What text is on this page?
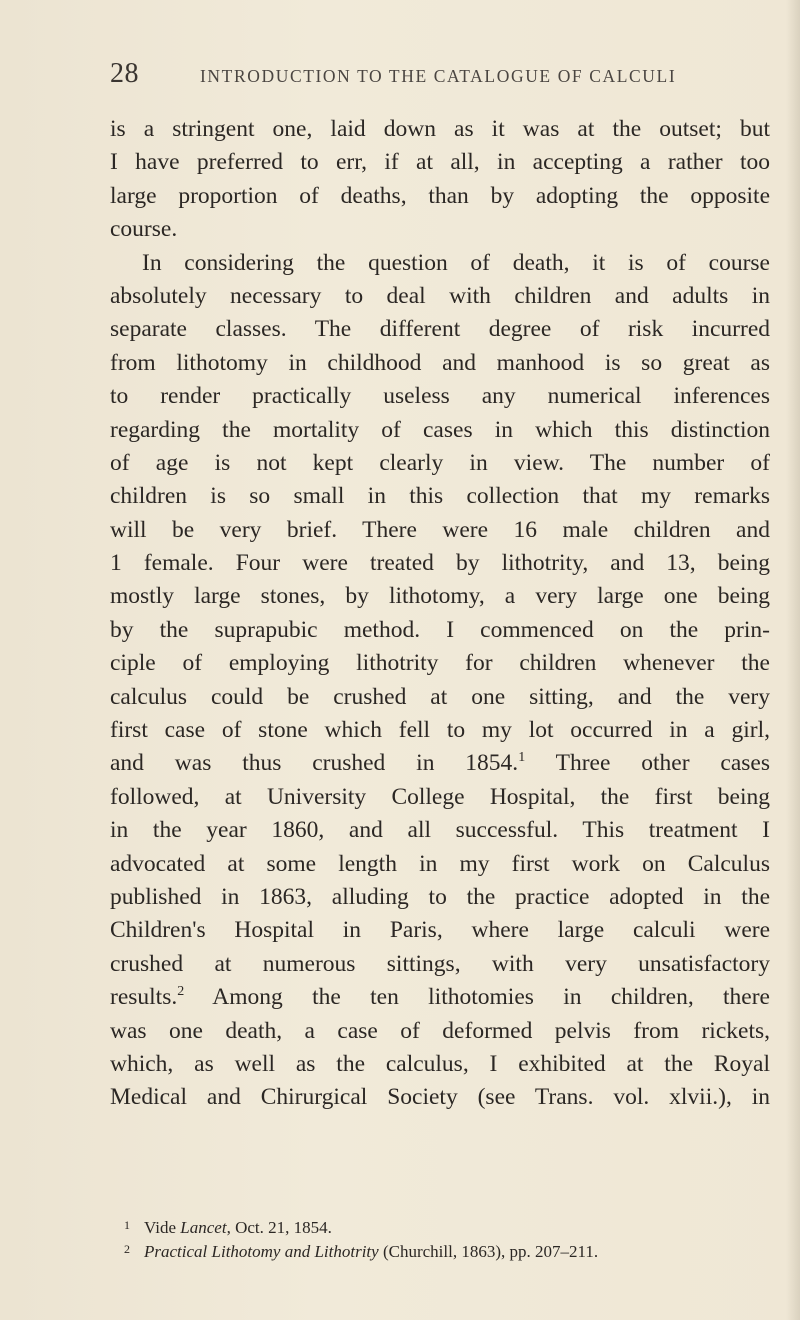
28	INTRODUCTION TO THE CATALOGUE OF CALCULI
is a stringent one, laid down as it was at the outset; but
I have preferred to err, if at all, in accepting a rather too
large proportion of deaths, than by adopting the opposite
course.
In considering the question of death, it is of course
absolutely necessary to deal with children and adults in
separate classes. The different degree of risk incurred
from lithotomy in childhood and manhood is so great as
to render practically useless any numerical inferences
regarding the mortality of cases in which this distinction
of age is not kept clearly in view. The number of
children is so small in this collection that my remarks
will be very brief. There were 16 male children and
1 female. Four were treated by lithotrity, and 13, being
mostly large stones, by lithotomy, a very large one being
by the suprapubic method. I commenced on the prin-
ciple of employing lithotrity for children whenever the
calculus could be crushed at one sitting, and the very
first case of stone which fell to my lot occurred in a girl,
and was thus crushed in 1854.$^1$ Three other cases
followed, at University College Hospital, the first being
in the year 1860, and all successful. This treatment I
advocated at some length in my first work on Calculus
published in 1863, alluding to the practice adopted in the
Children's Hospital in Paris, where large calculi were
crushed at numerous sittings, with very unsatisfactory
results.$^2$ Among the ten lithotomies in children, there
was one death, a case of deformed pelvis from rickets,
which, as well as the calculus, I exhibited at the Royal
Medical and Chirurgical Society (see Trans. vol. xlvii.), in
1 Vide Lancet, Oct. 21, 1854.
2 Practical Lithotomy and Lithotrity (Churchill, 1863), pp. 207–211.
